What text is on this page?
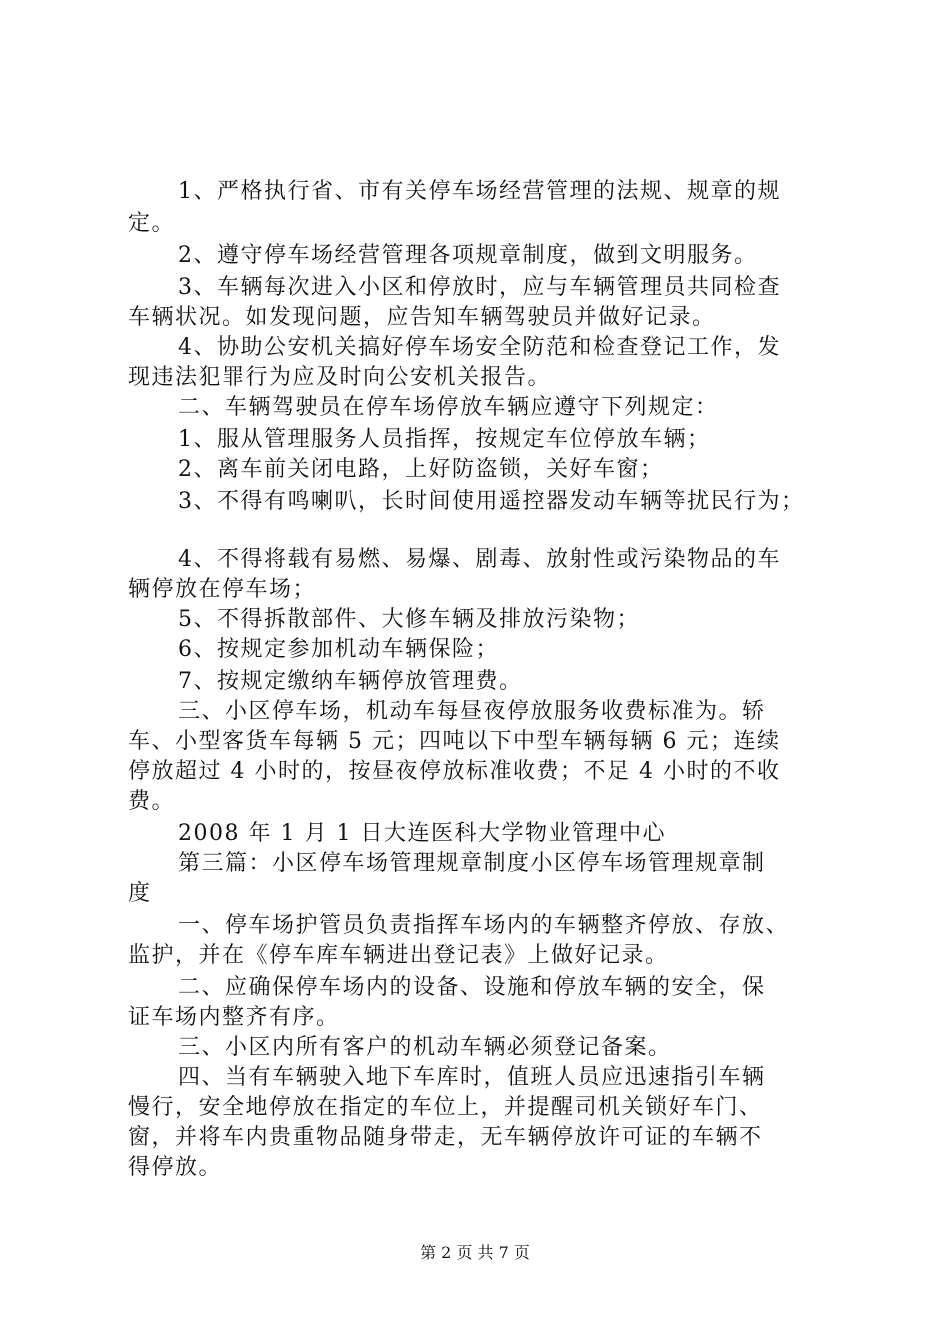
1、严格执行省、市有关停车场经营管理的法规、规章的规
定。
2、遵守停车场经营管理各项规章制度，做到文明服务。
3、车辆每次进入小区和停放时，应与车辆管理员共同检查
车辆状况。如发现问题，应告知车辆驾驶员并做好记录。
4、协助公安机关搞好停车场安全防范和检查登记工作，发
现违法犯罪行为应及时向公安机关报告。
二、车辆驾驶员在停车场停放车辆应遵守下列规定：
1、服从管理服务人员指挥，按规定车位停放车辆；
2、离车前关闭电路，上好防盗锁，关好车窗；
3、不得有鸣喇叭，长时间使用遥控器发动车辆等扰民行为；
4、不得将载有易燃、易爆、剧毒、放射性或污染物品的车
辆停放在停车场；
5、不得拆散部件、大修车辆及排放污染物；
6、按规定参加机动车辆保险；
7、按规定缴纳车辆停放管理费。
三、小区停车场，机动车每昼夜停放服务收费标准为。轿
车、小型客货车每辆 5 元；四吨以下中型车辆每辆 6 元；连续
停放超过 4 小时的，按昼夜停放标准收费；不足 4 小时的不收
费。
2008 年 1 月 1 日大连医科大学物业管理中心
第三篇：小区停车场管理规章制度小区停车场管理规章制
度
一、停车场护管员负责指挥车场内的车辆整齐停放、存放、
监护，并在《停车库车辆进出登记表》上做好记录。
二、应确保停车场内的设备、设施和停放车辆的安全，保
证车场内整齐有序。
三、小区内所有客户的机动车辆必须登记备案。
四、当有车辆驶入地下车库时，值班人员应迅速指引车辆
慢行，安全地停放在指定的车位上，并提醒司机关锁好车门、
窗，并将车内贵重物品随身带走，无车辆停放许可证的车辆不
得停放。
第 2 页 共 7 页
